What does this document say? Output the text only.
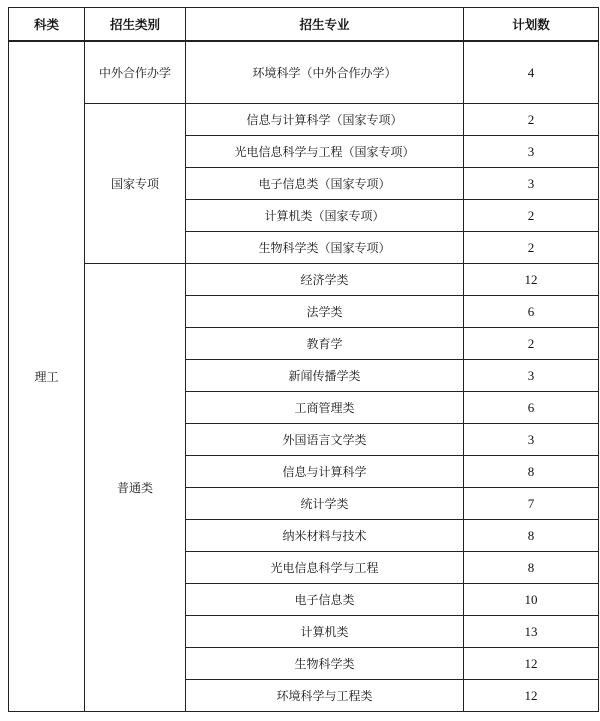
科类	招生类别	招生专业	计划数
理工	中外合作办学	环境科学（中外合作办学）	4
	国家专项	信息与计算科学（国家专项）	2
		光电信息科学与工程（国家专项）	3
		电子信息类（国家专项）	3
		计算机类（国家专项）	2
		生物科学类（国家专项）	2
	普通类	经济学类	12
		法学类	6
		教育学	2
		新闻传播学类	3
		工商管理类	6
		外国语言文学类	3
		信息与计算科学	8
		统计学类	7
		纳米材料与技术	8
		光电信息科学与工程	8
		电子信息类	10
		计算机类	13
		生物科学类	12
		环境科学与工程类	12
